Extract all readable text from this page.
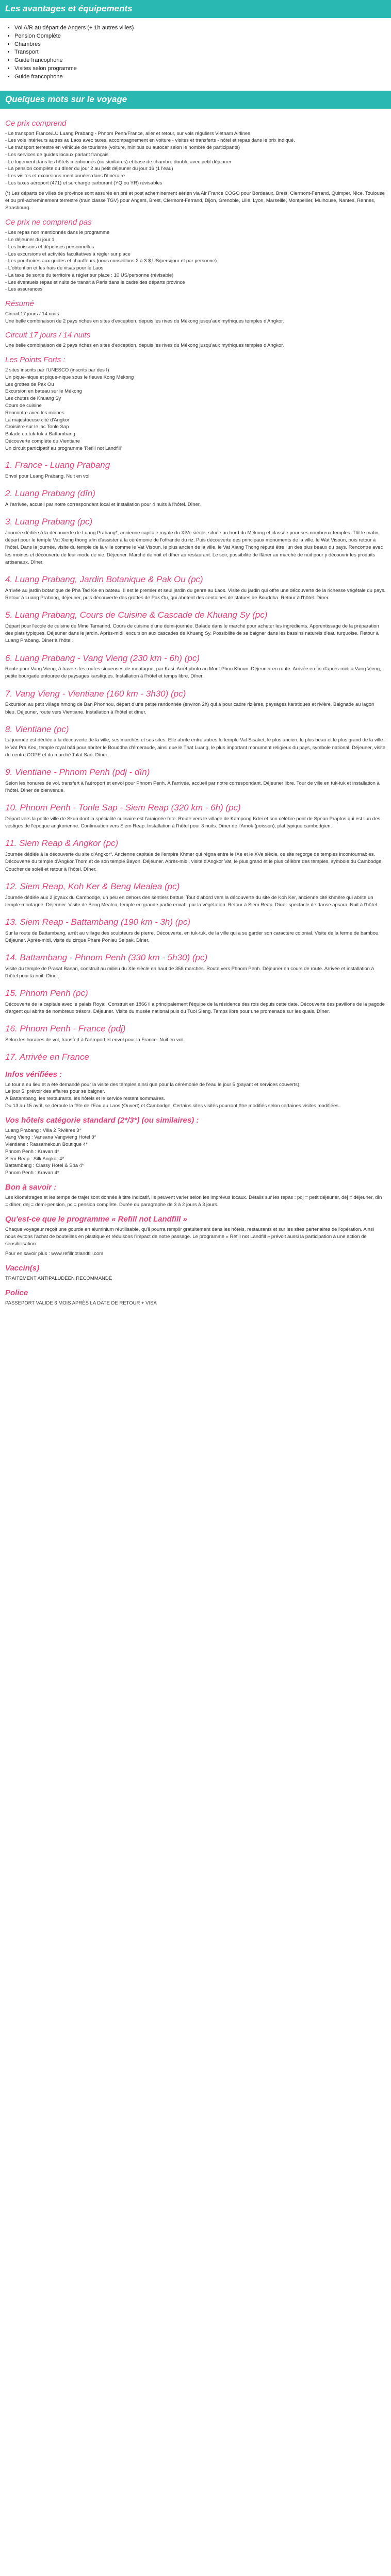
Les avantages et équipements
• Vol A/R au départ de Angers (+ 1h autres villes)
• Pension Complète
• Chambres
• Transport
• Guide francophone
• Visites selon programme
• Guide francophone
Quelques mots sur le voyage
Ce prix comprend
- Le transport France/LU Luang Prabang - Phnom Penh/France, aller et retour, sur vols réguliers Vietnam Airlines,
- Les vols intérieurs autres au Laos avec taxes, accompagnement en voiture - visites et transferts - hôtel et repas dans le prix indiqué.
- Le transport terrestre en véhicule de tourisme (voiture, minibus ou autocar selon le nombre de participants)
- Les services de guides locaux parlant français
- Le logement dans les hôtels mentionnés (ou similaires) et base de chambre double avec petit déjeuner
- La pension complète du dîner du jour 2 au petit déjeuner du jour 16 (1 l'eau)
- Les visites et excursions mentionnées dans l'itinéraire
- Les taxes aéroport (471) et surcharge carburant (YQ ou YR) révisables

(*) Les départs de villes de province sont assurés en pré et post acheminement aérien via Air France COGO pour Bordeaux, Brest, Clermont-Ferrand, Quimper, Nice, Toulouse et ou pré-acheminement terrestre (train classe TGV) pour Angers, Brest, Clermont-Ferrand, Dijon, Grenoble, Lille, Lyon, Marseille, Montpellier, Mulhouse, Nantes, Rennes, Strasbourg.

Ce prix ne comprend pas
- Les repas non mentionnés dans le programme
- Le déjeuner du jour 1
- Les boissons et dépenses personnelles
- Les excursions et activités facultatives à régler sur place
- Les pourboires aux guides et chauffeurs (nous conseillons 2 à 3 $ US/pers/jour et par personne)
- L'obtention et les frais de visas pour le Laos
- La taxe de sortie du territoire à régler sur place : 10 US/personne (révisable)
- Les éventuels repas et nuits de transit à Paris dans le cadre des départs province
- Les assurances
Résumé
Circuit 17 jours / 14 nuits
Une belle combinaison de 2 pays riches en sites d'exception, depuis les rives du Mékong jusqu'aux mythiques temples d'Angkor.
Circuit 17 jours / 14 nuits

Une belle combinaison de 2 pays riches en sites d'exception, depuis les rives du Mékong jusqu'aux mythiques temples d'Angkor.

Les Points Forts :
2 sites inscrits par l'UNESCO (inscrits par des Ⅰ)
Un pique-nique et pique-nique sous le fleuve Kong Mekong
Les grottes de Pak Ou
Excursion en bateau sur le Mékong
Les chutes de Khuang Sy
Cours de cuisine
Rencontre avec les moines
La majestueuse cité d'Angkor
Croisière sur le lac Tonle Sap
Balade en tuk-tuk à Battambang
Découverte complète du Vientiane
Un circuit participatif au programme 'Refill not Landfill'
1. France - Luang Prabang

Envol pour Luang Prabang. Nuit en vol.

2. Luang Prabang (dîn)

À l'arrivée, accueil par notre correspondant local et installation pour 4 nuits à l'hôtel. Dîner.

3. Luang Prabang (pc)

Journée dédiée à la découverte de Luang Prabang*, ancienne capitale royale du XIVe siècle, située au bord du Mékong et classée pour ses nombreux temples. Tôt le matin, départ pour le temple Vat Xieng thong afin d'assister à la cérémonie de l'offrande du riz. Puis découverte des principaux monuments de la ville, le Wat Visoun, puis retour à l'hôtel. Dans la journée, visite du temple de la ville comme le Vat Visoun, le plus ancien de la ville, le Vat Xiang Thong réputé être l'un des plus beaux du pays. Rencontre avec les moines et découverte de leur mode de vie. Déjeuner. Marché de nuit et dîner au restaurant. Le soir, possibilité de flâner au marché de nuit pour y découvrir les produits artisanaux. Dîner.

4. Luang Prabang, Jardin Botanique & Pak Ou (pc)

Arrivée au jardin botanique de Pha Tad Ke en bateau. Il est le premier et seul jardin du genre au Laos. Visite du jardin qui offre une découverte de la richesse végétale du pays. Retour à Luang Prabang, déjeuner, puis découverte des grottes de Pak Ou, qui abritent des centaines de statues de Bouddha. Retour à l'hôtel. Dîner.

5. Luang Prabang, Cours de Cuisine & Cascade de Khuang Sy (pc)

Départ pour l'école de cuisine de Mme Tamarind. Cours de cuisine d'une demi-journée. Balade dans le marché pour acheter les ingrédients. Apprentissage de la préparation des plats typiques. Déjeuner dans le jardin. Après-midi, excursion aux cascades de Khuang Sy. Possibilité de se baigner dans les bassins naturels d'eau turquoise. Retour à Luang Prabang. Dîner à l'hôtel.

6. Luang Prabang - Vang Vieng (230 km - 6h) (pc)

Route pour Vang Vieng, à travers les routes sinueuses de montagne, par Kasi. Arrêt photo au Mont Phou Khoun. Déjeuner en route. Arrivée en fin d'après-midi à Vang Vieng, petite bourgade entourée de paysages karstiques. Installation à l'hôtel et temps libre. Dîner.

7. Vang Vieng - Vientiane (160 km - 3h30) (pc)

Excursion au petit village hmong de Ban Phonhou, départ d'une petite randonnée (environ 2h) qui a pour cadre rizières, paysages karstiques et rivière. Baignade au lagon bleu. Déjeuner, route vers Vientiane. Installation à l'hôtel et dîner.

8. Vientiane (pc)

La journée est dédiée à la découverte de la ville, ses marchés et ses sites. Elle abrite entre autres le temple Vat Sisaket, le plus ancien, le plus beau et le plus grand de la ville : le Vat Pra Keo, temple royal bâti pour abriter le Bouddha d'émeraude, ainsi que le That Luang, le plus important monument religieux du pays, symbole national. Déjeuner, visite du centre COPE et du marché Talat Sao. Dîner.

9. Vientiane - Phnom Penh (pdj - dîn)

Selon les horaires de vol, transfert à l'aéroport et envol pour Phnom Penh. À l'arrivée, accueil par notre correspondant. Déjeuner libre. Tour de ville en tuk-tuk et installation à l'hôtel. Dîner de bienvenue.

10. Phnom Penh - Tonle Sap - Siem Reap (320 km - 6h) (pc)

Départ vers la petite ville de Skun dont la spécialité culinaire est l'araignée frite. Route vers le village de Kampong Kdei et son célèbre pont de Spean Praptos qui est l'un des vestiges de l'époque angkorienne. Continuation vers Siem Reap. Installation à l'hôtel pour 3 nuits. Dîner de l'Amok (poisson), plat typique cambodgien.

11. Siem Reap & Angkor (pc)

Journée dédiée à la découverte du site d'Angkor*. Ancienne capitale de l'empire Khmer qui régna entre le IXe et le XVe siècle, ce site regorge de temples incontournables. Découverte du temple d'Angkor Thom et de son temple Bayon. Déjeuner. Après-midi, visite d'Angkor Vat, le plus grand et le plus célèbre des temples, symbole du Cambodge. Coucher de soleil et retour à l'hôtel. Dîner.

12. Siem Reap, Koh Ker & Beng Mealea (pc)

Journée dédiée aux 2 joyaux du Cambodge, un peu en dehors des sentiers battus. Tout d'abord vers la découverte du site de Koh Ker, ancienne cité khmère qui abrite un temple-montagne. Déjeuner. Visite de Beng Mealea, temple en grande partie envahi par la végétation. Retour à Siem Reap. Dîner-spectacle de danse apsara. Nuit à l'hôtel.

13. Siem Reap - Battambang (190 km - 3h) (pc)

Sur la route de Battambang, arrêt au village des sculpteurs de pierre. Découverte, en tuk-tuk, de la ville qui a su garder son caractère colonial. Visite de la ferme de bambou. Déjeuner. Après-midi, visite du cirque Phare Ponleu Selpak. Dîner.

14. Battambang - Phnom Penh (330 km - 5h30) (pc)

Visite du temple de Prasat Banan, construit au milieu du XIe siècle en haut de 358 marches. Route vers Phnom Penh. Déjeuner en cours de route. Arrivée et installation à l'hôtel pour la nuit. Dîner.

15. Phnom Penh (pc)

Découverte de la capitale avec le palais Royal. Construit en 1866 il a principalement l'équipe de la résidence des rois depuis cette date. Découverte des pavillons de la pagode d'argent qui abrite de nombreux trésors. Déjeuner. Visite du musée national puis du Tuol Sleng. Temps libre pour une promenade sur les quais. Dîner.

16. Phnom Penh - France (pdj)

Selon les horaires de vol, transfert à l'aéroport et envol pour la France. Nuit en vol.

17. Arrivée en France

Infos vérifiées :
Le tour a eu lieu et a été demandé pour la visite des temples ainsi que pour la cérémonie de l'eau le jour 5 (payant et services couverts).
Le jour 5, prévoir des affaires pour se baigner.
À Battambang, les restaurants, les hôtels et le service restent sommaires.
Du 13 au 15 avril, se déroule la fête de l'Eau au Laos (Ouvert) et Cambodge. Certains sites visités pourront être modifiés selon certaines visites modifiées.
Vos hôtels catégorie standard (2*/3*) (ou similaires) :
Luang Prabang : Villa 2 Rivières 3*
Vang Vieng : Vansana Vangvieng Hotel 3*
Vientiane : Rassamekoun Boutique 4*
Phnom Penh : Kravan 4*
Siem Reap : Silk Angkor 4*
Battambang : Classy Hotel & Spa 4*
Phnom Penh : Kravan 4*
Bon à savoir :

Les kilométrages et les temps de trajet sont donnés à titre indicatif, ils peuvent varier selon les imprévus locaux. Détails sur les repas : pdj = petit déjeuner, déj = déjeuner, dîn = dîner, dej = demi-pension, pc = pension complète. Durée du paragraphe de 3 à 2 jours à 3 jours.

Qu'est-ce que le programme « Refill not Landfill »

Chaque voyageur reçoit une gourde en aluminium réutilisable, qu'il pourra remplir gratuitement dans les hôtels, restaurants et sur les sites partenaires de l'opération. Ainsi nous évitons l'achat de bouteilles en plastique et réduisons l'impact de notre passage. Le programme « Refill not Landfill » prévoit aussi la participation à une action de sensibilisation.

Pour en savoir plus : www.refillnotlandfill.com

Vaccin(s)

TRAITEMENT ANTIPALUDÉEN RECOMMANDÉ

Police

PASSEPORT VALIDE 6 MOIS APRÈS LA DATE DE RETOUR + VISA
